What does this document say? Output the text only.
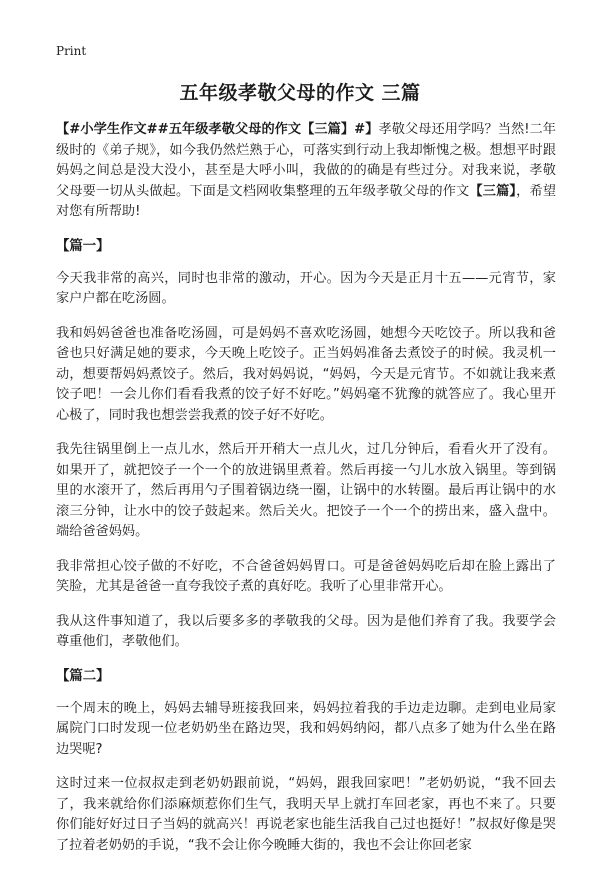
Print
五年级孝敬父母的作文 三篇

【#小学生作文##五年级孝敬父母的作文【三篇】#】孝敬父母还用学吗？当然!二年级时的《弟子规》，如今我仍然烂熟于心，可落实到行动上我却惭愧之极。想想平时跟妈妈之间总是没大没小，甚至是大呼小叫，我做的的确是有些过分。对我来说，孝敬父母要一切从头做起。下面是文档网收集整理的五年级孝敬父母的作文【三篇】，希望对您有所帮助!

【篇一】

今天我非常的高兴，同时也非常的激动，开心。因为今天是正月十五——元宵节，家家户户都在吃汤圆。

我和妈妈爸爸也准备吃汤圆，可是妈妈不喜欢吃汤圆，她想今天吃饺子。所以我和爸爸也只好满足她的要求，今天晚上吃饺子。正当妈妈准备去煮饺子的时候。我灵机一动，想要帮妈妈煮饺子。然后，我对妈妈说，“妈妈，今天是元宵节。不如就让我来煮饺子吧！一会儿你们看看我煮的饺子好不好吃。”妈妈毫不犹豫的就答应了。我心里开心极了，同时我也想尝尝我煮的饺子好不好吃。

我先往锅里倒上一点儿水，然后开开稍大一点儿火，过几分钟后，看看火开了没有。如果开了，就把饺子一个一个的放进锅里煮着。然后再接一勺儿水放入锅里。等到锅里的水滚开了，然后再用勺子围着锅边绕一圈，让锅中的水转圈。最后再让锅中的水滚三分钟，让水中的饺子鼓起来。然后关火。把饺子一个一个的捞出来，盛入盘中。端给爸爸妈妈。

我非常担心饺子做的不好吃，不合爸爸妈妈胃口。可是爸爸妈妈吃后却在脸上露出了笑脸，尤其是爸爸一直夸我饺子煮的真好吃。我听了心里非常开心。

我从这件事知道了，我以后要多多的孝敬我的父母。因为是他们养育了我。我要学会尊重他们，孝敬他们。

【篇二】

一个周末的晚上，妈妈去辅导班接我回来，妈妈拉着我的手边走边聊。走到电业局家属院门口时发现一位老奶奶坐在路边哭，我和妈妈纳闷，都八点多了她为什么坐在路边哭呢?

这时过来一位叔叔走到老奶奶跟前说，“妈妈，跟我回家吧！”老奶奶说，“我不回去了，我来就给你们添麻烦惹你们生气，我明天早上就打车回老家，再也不来了。只要你们能好好过日子当妈的就高兴！再说老家也能生活我自己过也挺好！”叔叔好像是哭了拉着老奶奶的手说，“我不会让你今晚睡大街的，我也不会让你回老家
